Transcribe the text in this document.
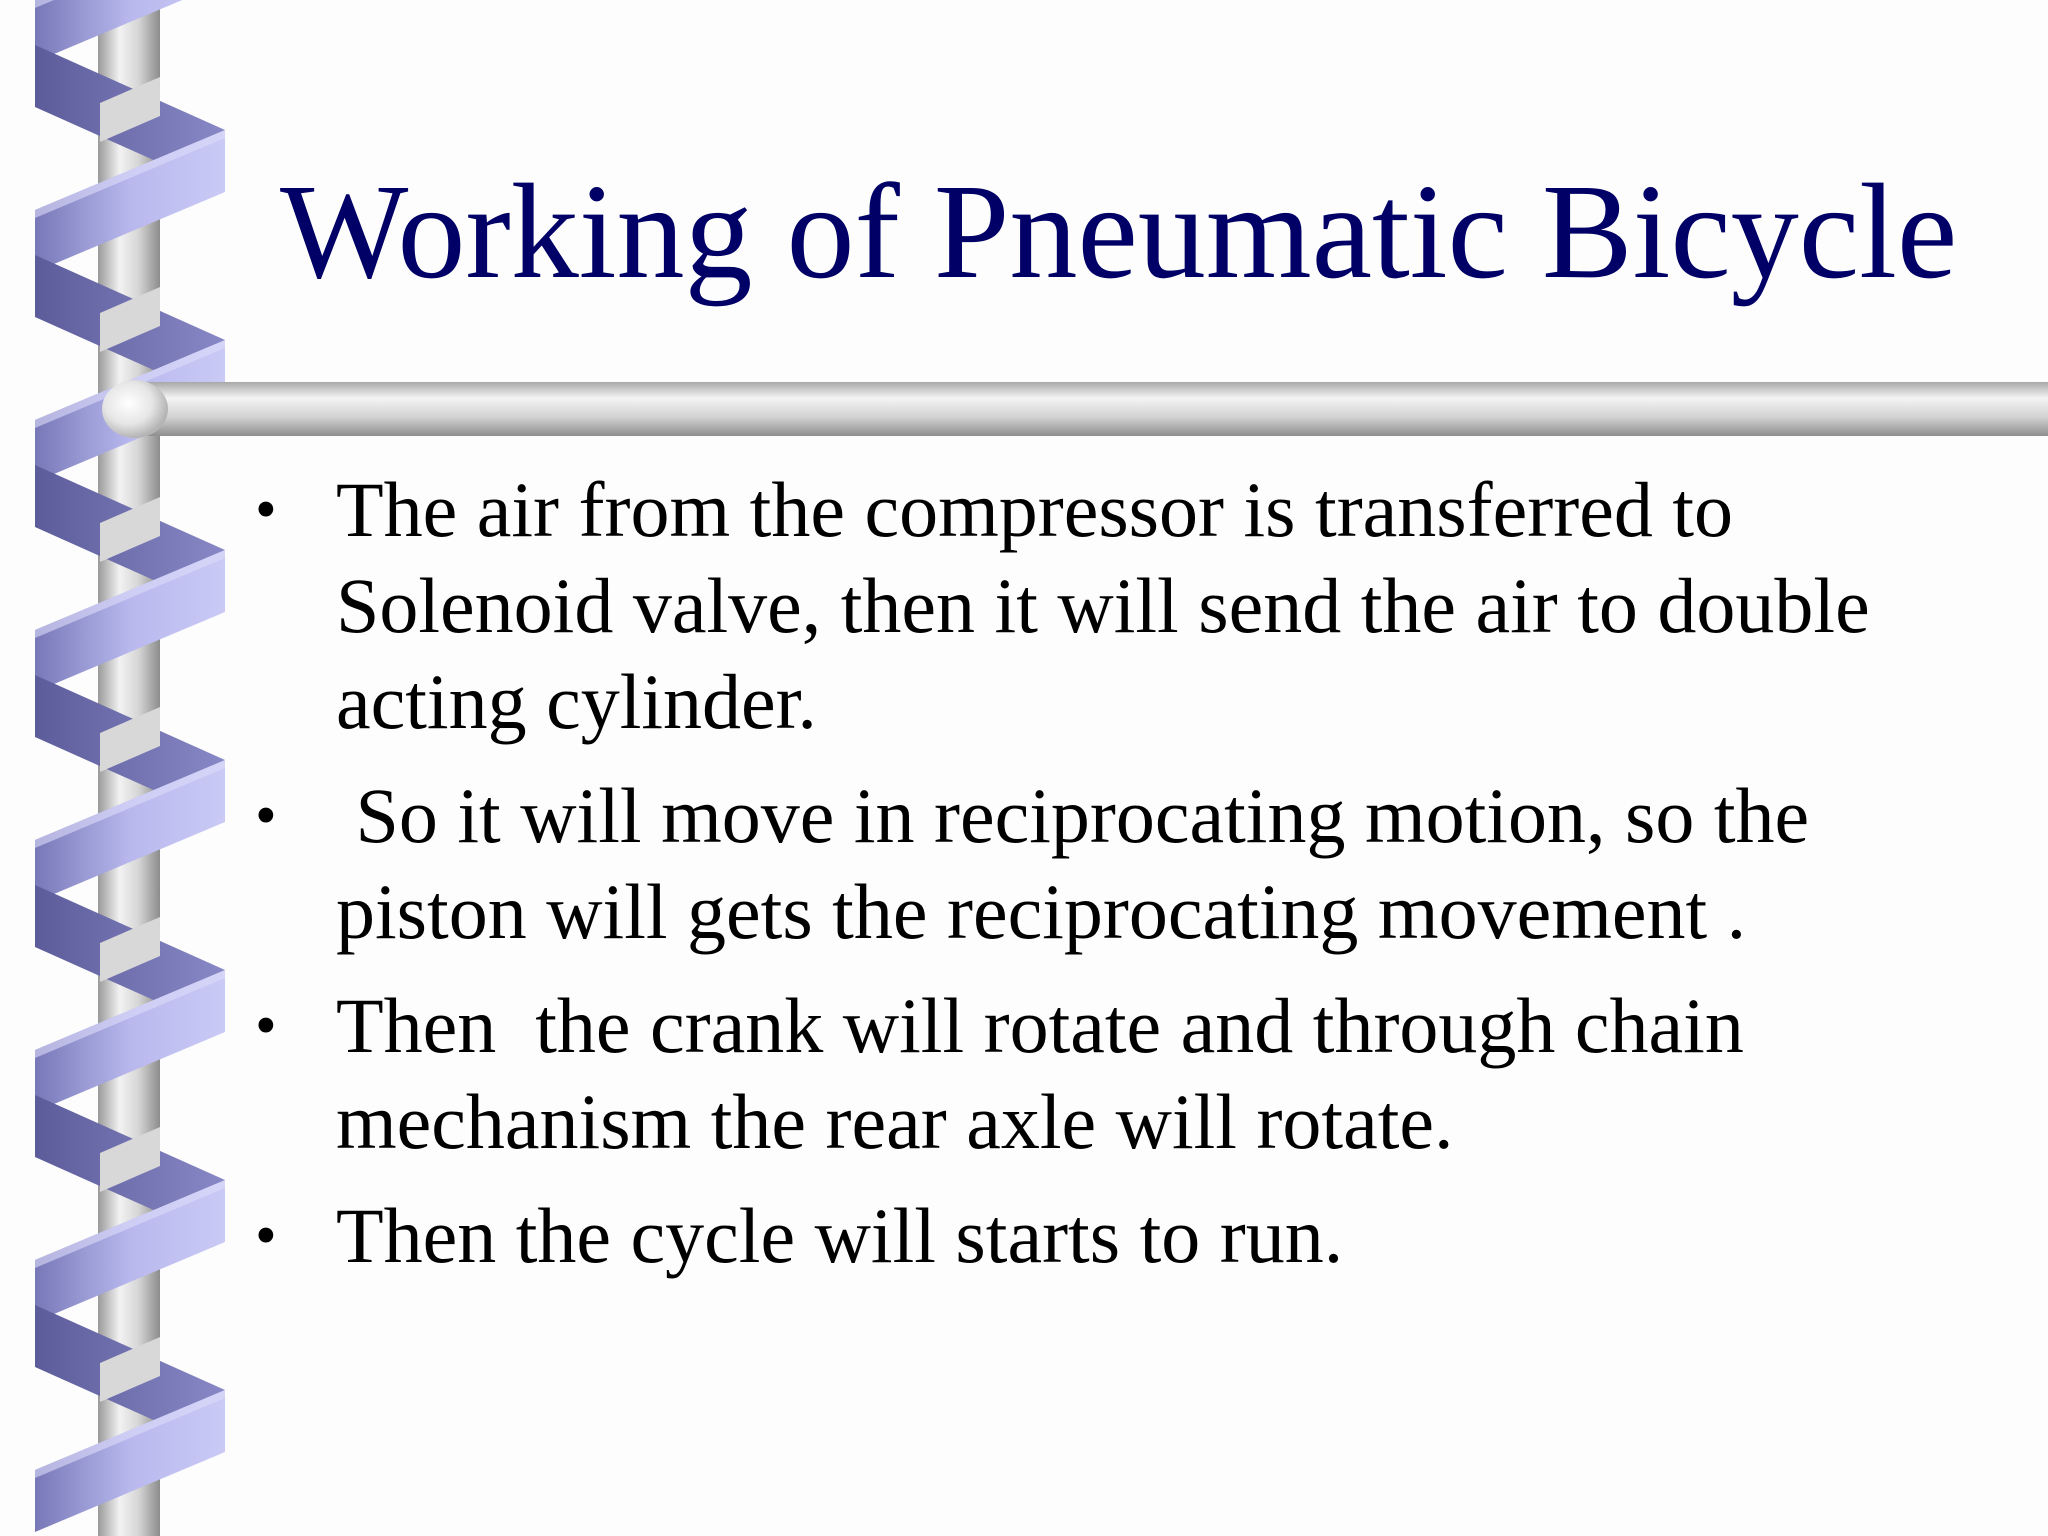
Working of Pneumatic Bicycle
• The air from the compressor is transferred to Solenoid valve, then it will send the air to double acting cylinder.
• So it will move in reciprocating motion, so the piston will gets the reciprocating movement .
• Then  the crank will rotate and through chain mechanism the rear axle will rotate.
• Then the cycle will starts to run.
